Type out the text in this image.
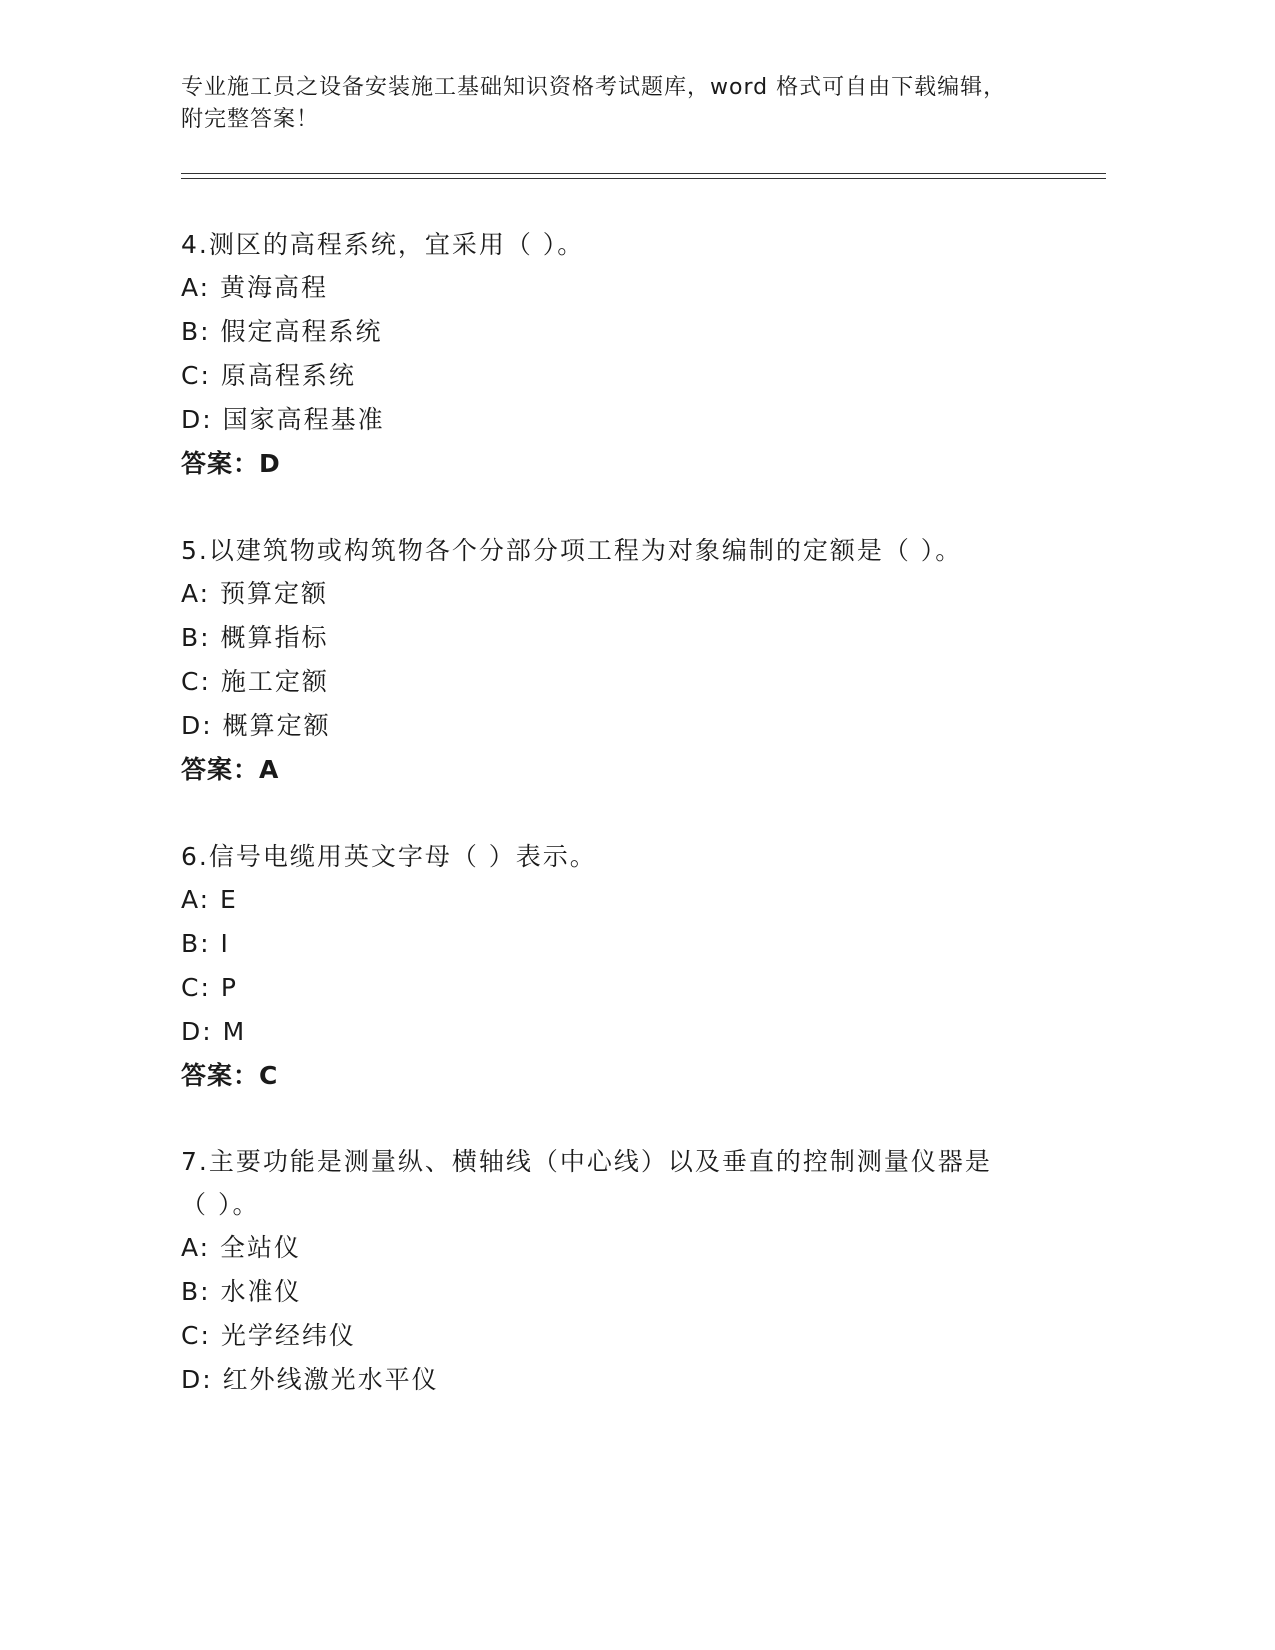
专业施工员之设备安装施工基础知识资格考试题库，word 格式可自由下载编辑，
附完整答案！
4.测区的高程系统，宜采用（ ）。
A: 黄海高程
B: 假定高程系统
C: 原高程系统
D: 国家高程基准
答案：D
5.以建筑物或构筑物各个分部分项工程为对象编制的定额是（ ）。
A: 预算定额
B: 概算指标
C: 施工定额
D: 概算定额
答案：A
6.信号电缆用英文字母（ ）表示。
A: E
B: I
C: P
D: M
答案：C
7.主要功能是测量纵、横轴线（中心线）以及垂直的控制测量仪器是
（ ）。
A: 全站仪
B: 水准仪
C: 光学经纬仪
D: 红外线激光水平仪
